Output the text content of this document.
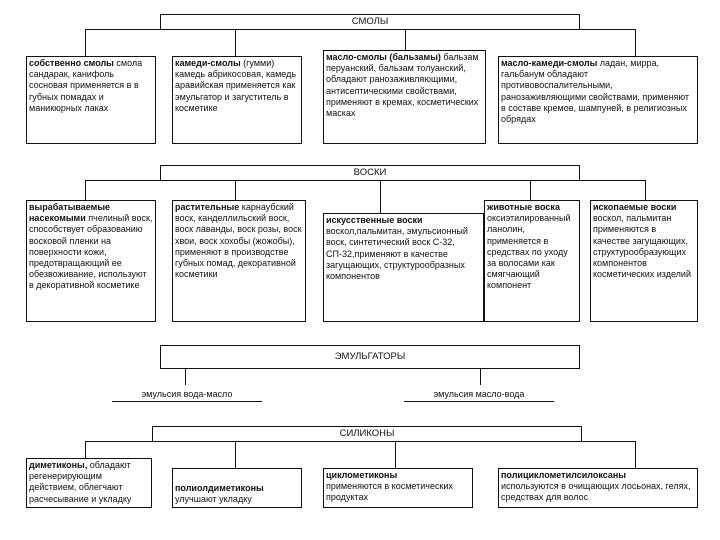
СМОЛЫ
собственно смолы смола сандарак, канифоль сосновая применяется в в губных помадах и маникюрных лаках
камеди-смолы (гумми) камедь абрикосовая, камедь аравийская применяется как эмульгатор и загуститель в косметике
масло-смолы (бальзамы) бальзам перуанский, бальзам толуанский, обладают ранозаживляющими, антисептическими свойствами, применяют в кремах, косметических масках
масло-камеди-смолы ладан, мирра, гальбанум обладают противовоспалительными, ранозаживляющими свойствами, применяют в составе кремов, шампуней, в религиозных обрядах
ВОСКИ
вырабатываемые насекомыми пчелиный воск, способствует образованию восковой пленки на поверхности кожи, предотвращающий ее обезвоживание, используют в декоративной косметике
растительные карнаубский воск, канделлильский воск, воск лаванды, воск розы, воск хвои, воск хохобы (жожобы), применяют в производстве губных помад, декоративной косметики
искусственные воски воскол,пальмитан, эмульсионный воск, синтетический воск С-32, СП-32,применяют в качестве загущающих, структурообразных компонентов
животные воска оксиэтилированный ланолин, применяется в средствах по уходу за волосами как смягчающий компонент
ископаемые воски воскол, пальмитан применяются в качестве загущающих, структурообразующих компонентов косметических изделий
ЭМУЛЬГАТОРЫ
эмульсия вода-масло	эмульсия масло-вода
СИЛИКОНЫ
диметиконы, обладают регенерирующим действием, облегчают расчесывание и укладку
полиолдиметиконы
улучшают укладку
циклометиконы
применяются в косметических продуктах
полициклометилсилоксаны
используются в очищающих лосьонах, гелях, средствах для волос
